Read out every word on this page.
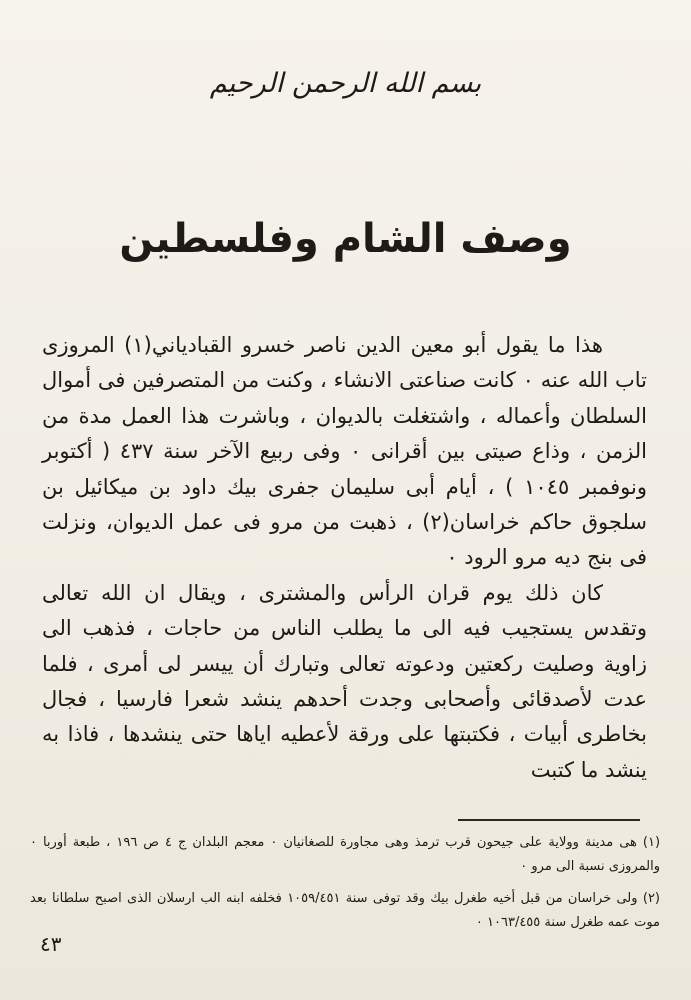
بسم الله الرحمن الرحيم
وصف الشام وفلسطين

هذا ما يقول أبو معين الدين ناصر خسرو القبادياني(١) المروزى تاب الله عنه ٠ كانت صناعتى الانشاء ، وكنت من المتصرفين فى أموال السلطان وأعماله ، واشتغلت بالديوان ، وباشرت هذا العمل مدة من الزمن ، وذاع صيتى بين أقرانى ٠ وفى ربيع الآخر سنة ٤٣٧ ( أكتوبر ونوفمبر ١٠٤٥ ) ، أيام أبى سليمان جفرى بيك داود بن ميكائيل بن سلجوق حاكم خراسان(٢) ، ذهبت من مرو فى عمل الديوان، ونزلت فى بنج ديه مرو الرود ٠

كان ذلك يوم قران الرأس والمشترى ، ويقال ان الله تعالى وتقدس يستجيب فيه الى ما يطلب الناس من حاجات ، فذهب الى زاوية وصليت ركعتين ودعوته تعالى وتبارك أن ييسر لى أمرى ، فلما عدت لأصدقائى وأصحابى وجدت أحدهم ينشد شعرا فارسيا ، فجال بخاطرى أبيات ، فكتبتها على ورقة لأعطيه اياها حتى ينشدها ، فاذا به ينشد ما كتبت

(١) هى مدينة وولاية على جيحون قرب ترمذ وهى مجاورة للصغانيان ٠ معجم البلدان ج ٤ ص ١٩٦ ، طبعة أوربا ٠ والمروزى نسبة الى مرو ٠

(٢) ولى خراسان من قبل أخيه طغرل بيك وقد توفى سنة ١٠٥٩/٤٥١ فخلفه ابنه الب ارسلان الذى اصبح سلطانا بعد موت عمه طغرل سنة ١٠٦٣/٤٥٥ ٠

٤٣
